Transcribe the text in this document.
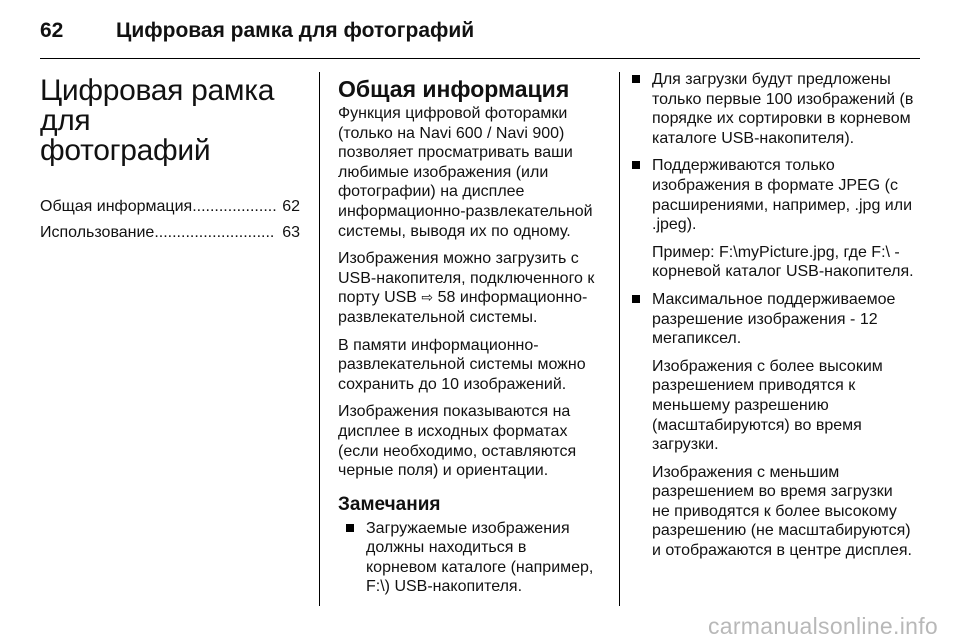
62	Цифровая рамка для фотографий
Цифровая рамка для
фотографий
Общая информация ................... 62
Использование ........................... 63
Общая информация

Функция цифровой фоторамки (только на Navi 600 / Navi 900) позволяет просматривать ваши любимые изображения (или фотографии) на дисплее информационно-развлекательной системы, выводя их по одному.

Изображения можно загрузить с USB-накопителя, подключенного к порту USB ⇨ 58 информационно-развлекательной системы.

В памяти информационно-развлекательной системы можно сохранить до 10 изображений.

Изображения показываются на дисплее в исходных форматах (если необходимо, оставляются черные поля) и ориентации.

Замечания

Загружаемые изображения должны находиться в корневом каталоге (например, F:\) USB-накопителя.

Для загрузки будут предложены только первые 100 изображений (в порядке их сортировки в корневом каталоге USB-накопителя).

Поддерживаются только изображения в формате JPEG (с расширениями, например, .jpg или .jpeg).

Пример: F:\myPicture.jpg, где F:\ - корневой каталог USB-накопителя.

Максимальное поддерживаемое разрешение изображения - 12 мегапиксел.

Изображения с более высоким разрешением приводятся к меньшему разрешению (масштабируются) во время загрузки.

Изображения с меньшим разрешением во время загрузки не приводятся к более высокому разрешению (не масштабируются) и отображаются в центре дисплея.

carmanualsonline.info
